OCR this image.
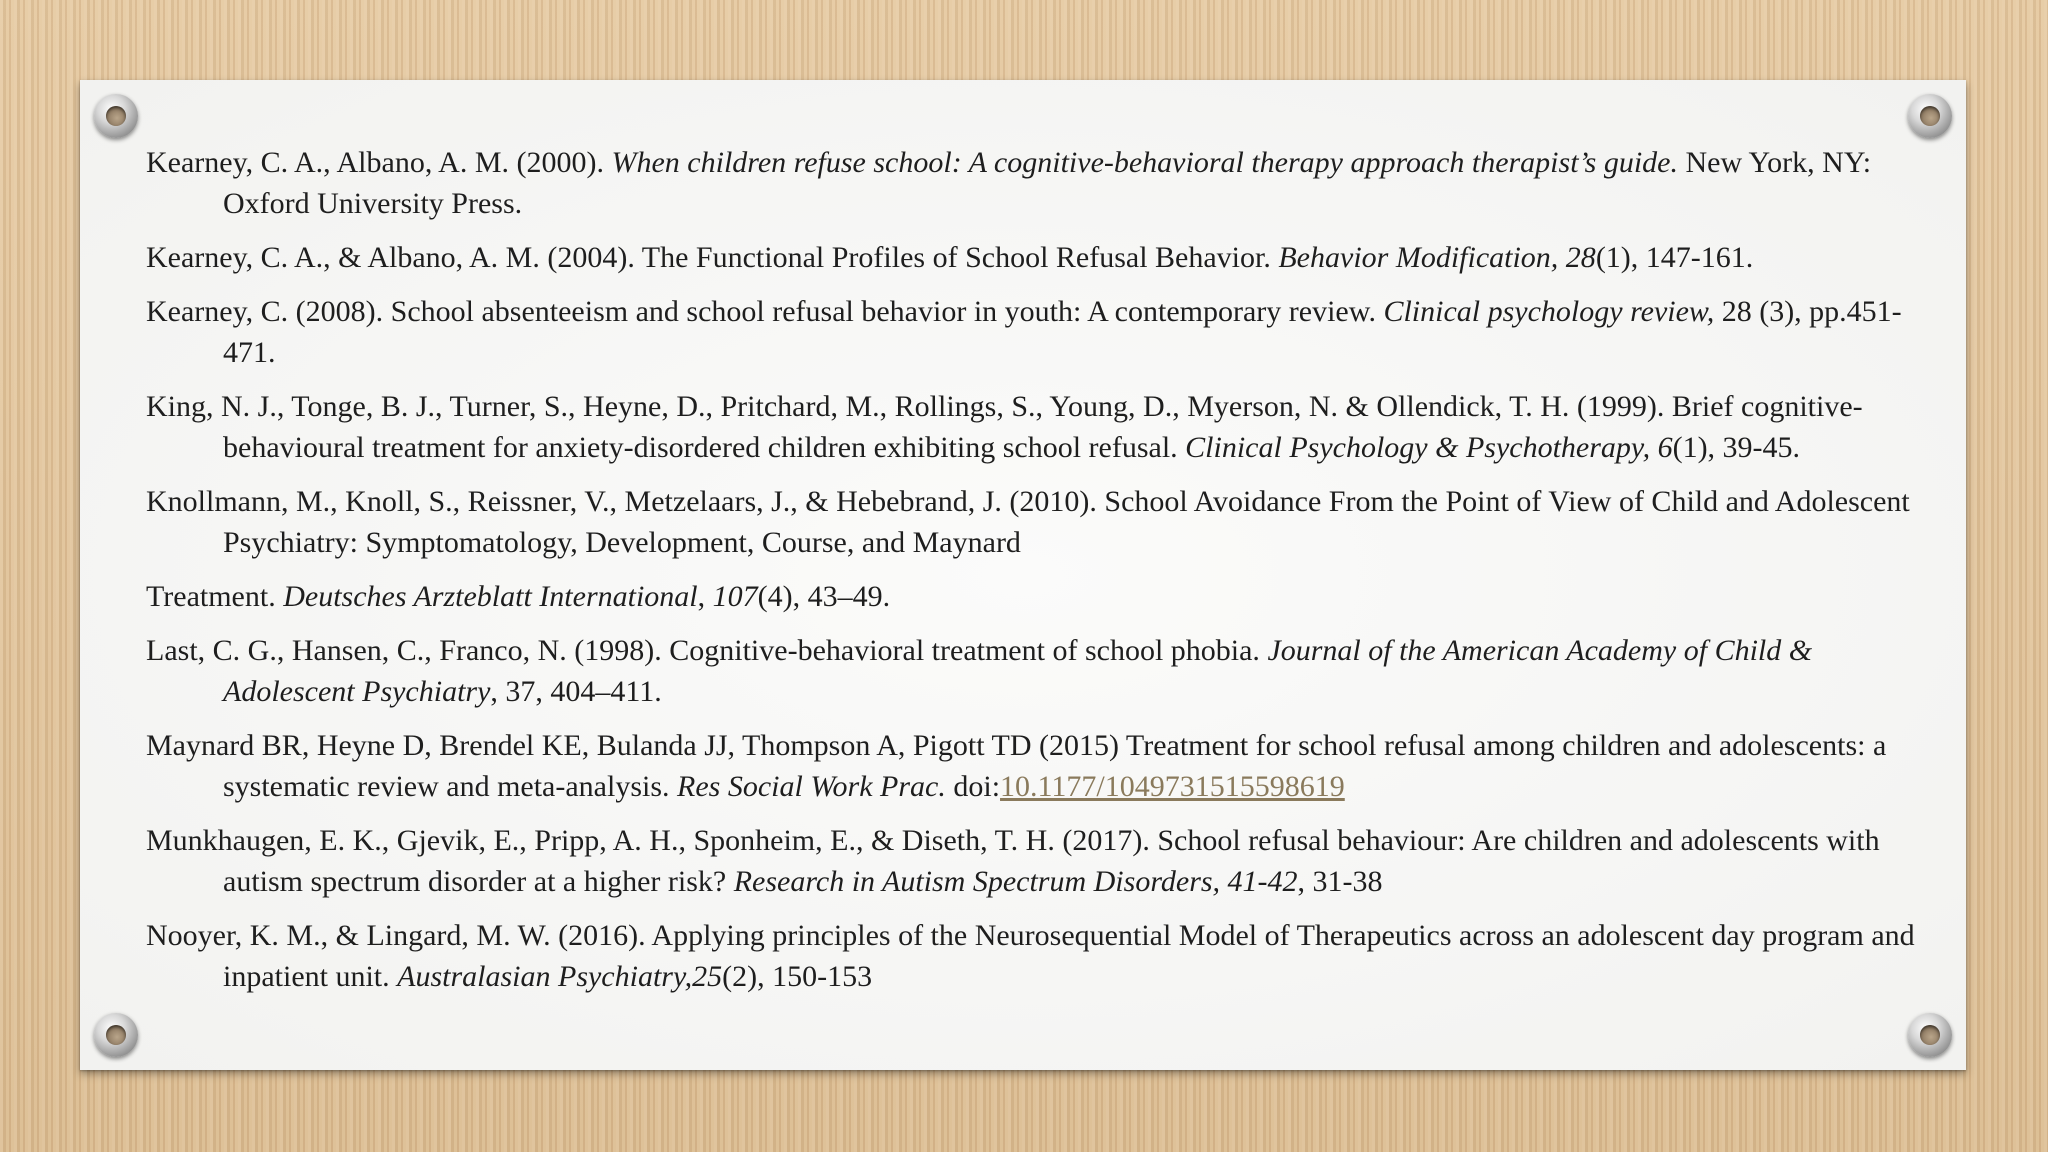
Kearney, C. A., Albano, A. M. (2000). When children refuse school: A cognitive-behavioral therapy approach therapist’s guide. New York, NY: Oxford University Press.

Kearney, C. A., & Albano, A. M. (2004). The Functional Profiles of School Refusal Behavior. Behavior Modification, 28(1), 147-161.

Kearney, C. (2008). School absenteeism and school refusal behavior in youth: A contemporary review. Clinical psychology review, 28 (3), pp.451-471.

King, N. J., Tonge, B. J., Turner, S., Heyne, D., Pritchard, M., Rollings, S., Young, D., Myerson, N. & Ollendick, T. H. (1999). Brief cognitive-behavioural treatment for anxiety-disordered children exhibiting school refusal. Clinical Psychology & Psychotherapy, 6(1), 39-45.

Knollmann, M., Knoll, S., Reissner, V., Metzelaars, J., & Hebebrand, J. (2010). School Avoidance From the Point of View of Child and Adolescent Psychiatry: Symptomatology, Development, Course, and Maynard

Treatment. Deutsches Arzteblatt International, 107(4), 43–49.

Last, C. G., Hansen, C., Franco, N. (1998). Cognitive-behavioral treatment of school phobia. Journal of the American Academy of Child & Adolescent Psychiatry, 37, 404–411.

Maynard BR, Heyne D, Brendel KE, Bulanda JJ, Thompson A, Pigott TD (2015) Treatment for school refusal among children and adolescents: a systematic review and meta-analysis. Res Social Work Prac. doi:10.1177/1049731515598619

Munkhaugen, E. K., Gjevik, E., Pripp, A. H., Sponheim, E., & Diseth, T. H. (2017). School refusal behaviour: Are children and adolescents with autism spectrum disorder at a higher risk? Research in Autism Spectrum Disorders, 41-42, 31-38

Nooyer, K. M., & Lingard, M. W. (2016). Applying principles of the Neurosequential Model of Therapeutics across an adolescent day program and inpatient unit. Australasian Psychiatry,25(2), 150-153
